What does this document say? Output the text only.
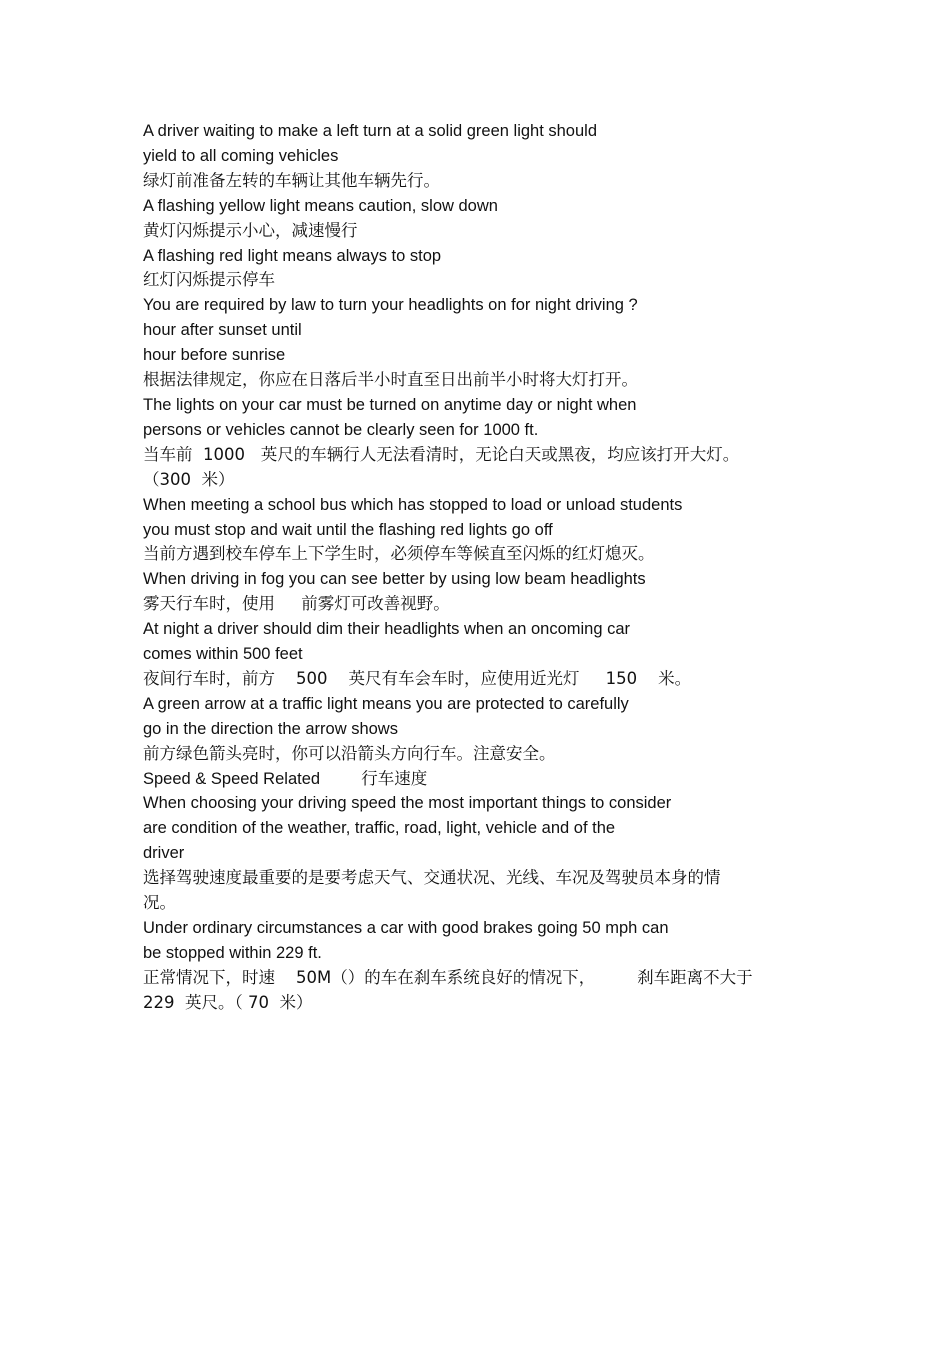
A driver waiting to make a left turn at a solid green light should

yield to all coming vehicles

绿灯前准备左转的车辆让其他车辆先行。

A flashing yellow light means caution, slow down

黄灯闪烁提示小心，减速慢行

A flashing red light means always to stop

红灯闪烁提示停车

You are required by law to turn your headlights on for night driving ?

hour after sunset until

hour before sunrise

根据法律规定，你应在日落后半小时直至日出前半小时将大灯打开。

The lights on your car must be turned on anytime day or night when

persons or vehicles cannot be clearly seen for 1000 ft.

当车前  1000   英尺的车辆行人无法看清时，无论白天或黑夜，均应该打开大灯。

（300  米）

When meeting a school bus which has stopped to load or unload students

you must stop and wait until the flashing red lights go off

当前方遇到校车停车上下学生时，必须停车等候直至闪烁的红灯熄灭。

When driving in fog you can see better by using low beam headlights

雾天行车时，使用     前雾灯可改善视野。

At night a driver should dim their headlights when an oncoming car

comes within 500 feet

夜间行车时，前方    500    英尺有车会车时，应使用近光灯     150    米。

A green arrow at a traffic light means you are protected to carefully

go in the direction the arrow shows

前方绿色箭头亮时，你可以沿箭头方向行车。注意安全。

Speed & Speed Related         行车速度

When choosing your driving speed the most important things to consider

are condition of the weather, traffic, road, light, vehicle and of the

driver

选择驾驶速度最重要的是要考虑天气、交通状况、光线、车况及驾驶员本身的情

况。

Under ordinary circumstances a car with good brakes going 50 mph can

be stopped within 229 ft.

正常情况下，时速    50M（）的车在刹车系统良好的情况下，        刹车距离不大于

229  英尺。（ 70  米）
